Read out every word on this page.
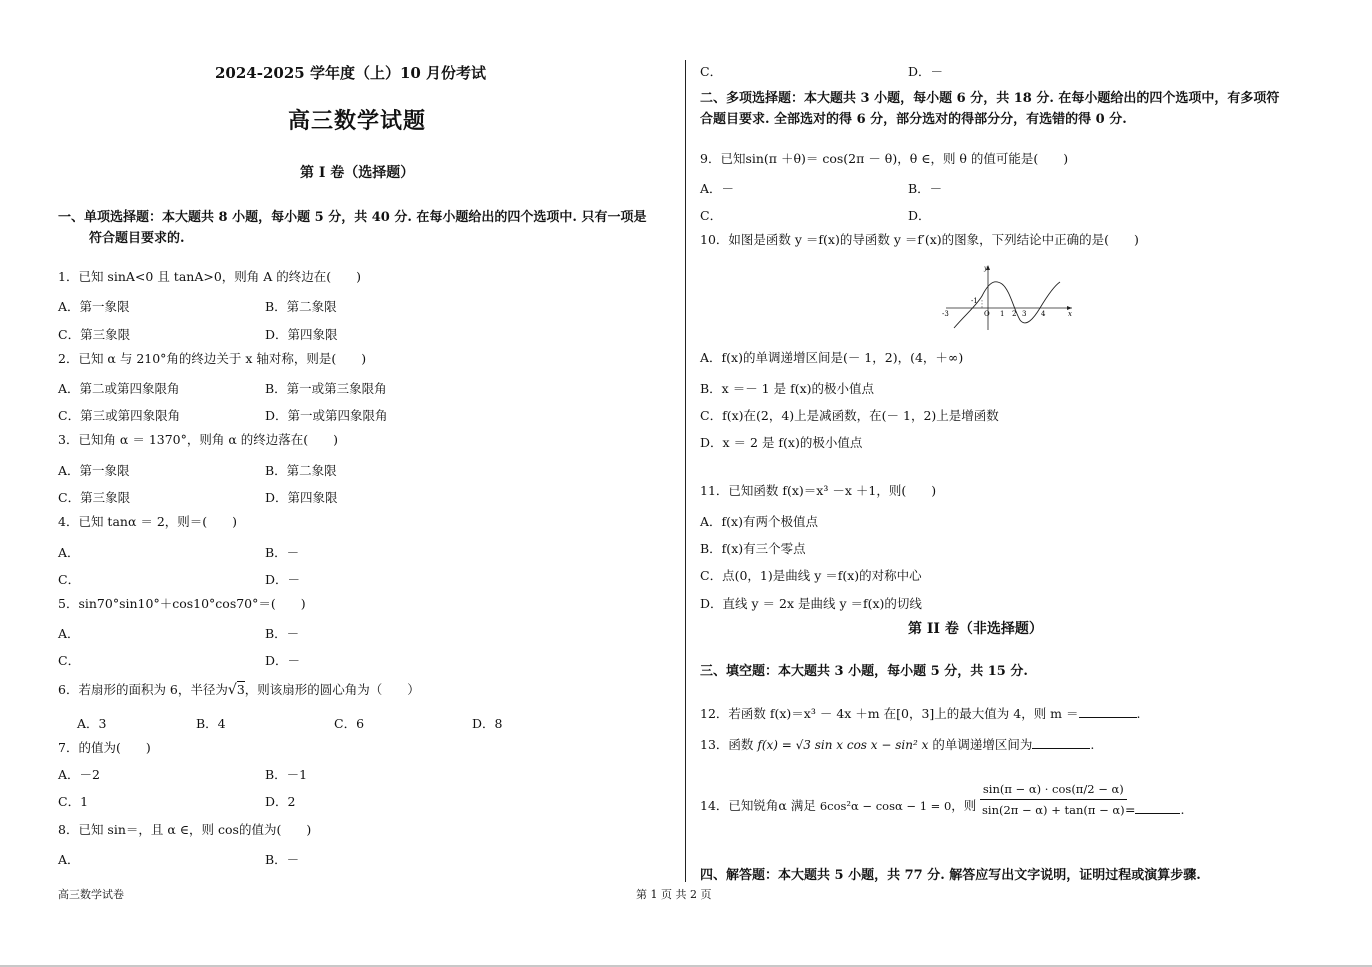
2024-2025 学年度（上）10 月份考试
高三数学试题
第 I 卷（选择题）
一、单项选择题：本大题共 8 小题，每小题 5 分，共 40 分. 在每小题给出的四个选项中. 只有一项是
符合题目要求的.
1．已知 sinA<0 且 tanA>0，则角 A 的终边在(　　)
A．第一象限	B．第二象限
C．第三象限	D．第四象限
2．已知 α 与 210°角的终边关于 x 轴对称，则是(　　)
A．第二或第四象限角	B．第一或第三象限角
C．第三或第四象限角	D．第一或第四象限角
3．已知角 α ＝ 1370°，则角 α 的终边落在(　　)
A．第一象限	B．第二象限
C．第三象限	D．第四象限
4．已知 tanα ＝ 2，则＝(　　)
A．	B．－
C．	D．－
5．sin70°sin10°＋cos10°cos70°＝(　　)
A．	B．－
C．	D．－
6．若扇形的面积为 6，半径为√3，则该扇形的圆心角为（　　）
A．3	B．4	C．6	D．8
7．的值为(　　)
A．－2	B．－1
C．1	D．2
8．已知 sin＝，且 α ∈，则 cos的值为(　　)
A．	B．－
高三数学试卷	第 1 页 共 2 页
C．	D．－
二、多项选择题：本大题共 3 小题，每小题 6 分，共 18 分. 在每小题给出的四个选项中，有多项符
合题目要求. 全部选对的得 6 分，部分选对的得部分分，有选错的得 0 分.
9．已知sin(π ＋θ)＝ cos(2π － θ)，θ ∈，则 θ 的值可能是(　　)
A．－	B．－
C．	D．
10．如图是函数 y ＝f(x)的导函数 y ＝f′(x)的图象，下列结论中正确的是(　　)
-3
-1
O 1 2 3 4	x
y
A．f(x)的单调递增区间是(－ 1，2)，(4，＋∞)
B．x ＝－ 1 是 f(x)的极小值点
C．f(x)在(2，4)上是减函数，在(－ 1，2)上是增函数
D．x ＝ 2 是 f(x)的极小值点
11．已知函数 f(x)＝x³ －x ＋1，则(　　)
A．f(x)有两个极值点
B．f(x)有三个零点
C．点(0，1)是曲线 y ＝f(x)的对称中心
D．直线 y ＝ 2x 是曲线 y ＝f(x)的切线
第 II 卷（非选择题）
三、填空题：本大题共 3 小题，每小题 5 分，共 15 分.
12．若函数 f(x)＝x³ － 4x ＋m 在[0，3]上的最大值为 4，则 m ＝	.
13．函数 f(x) = √3 sin x cos x − sin² x 的单调递增区间为	.
14．已知锐角α 满足 6cos²α − cosα − 1 = 0，则
sin(π − α) · cos(π/2 − α)
sin(2π − α) + tan(π − α) =	.
四、解答题：本大题共 5 小题，共 77 分. 解答应写出文字说明，证明过程或演算步骤.
